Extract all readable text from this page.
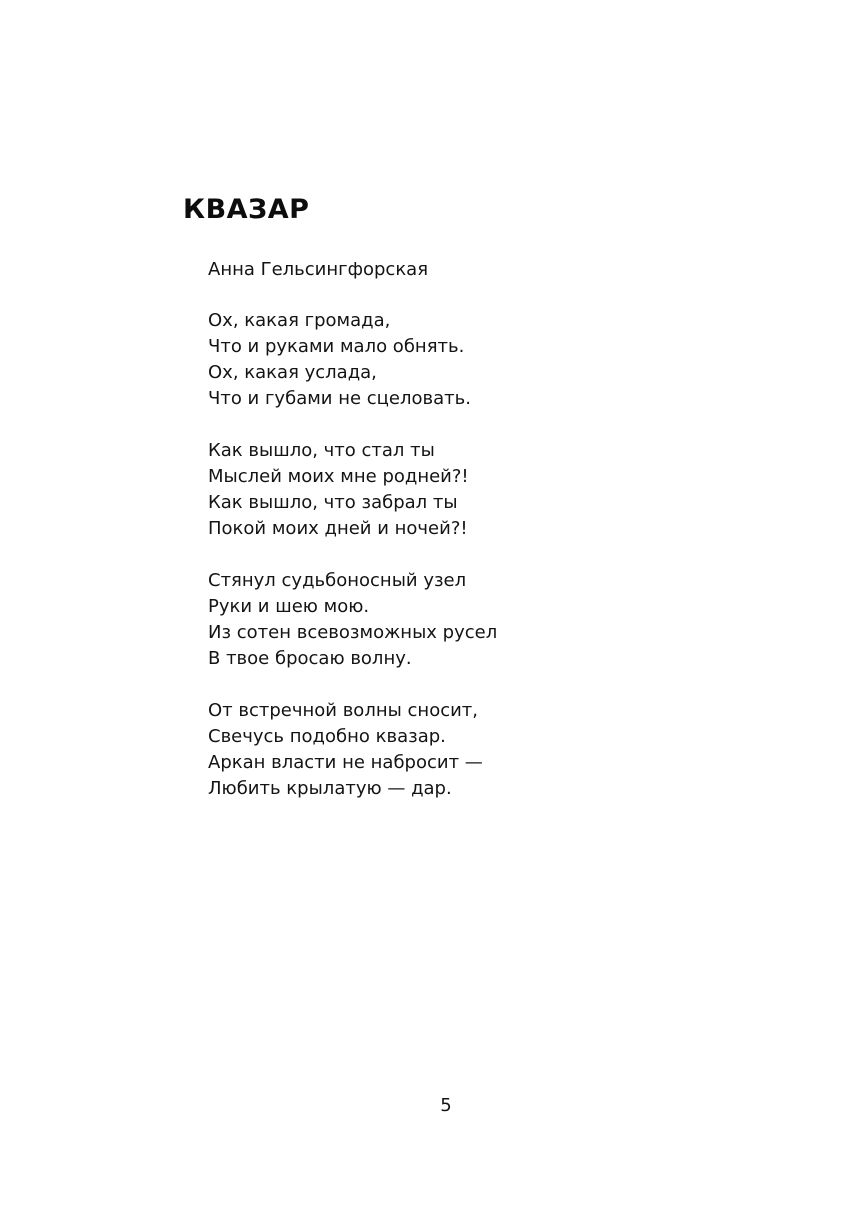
КВАЗАР

Анна Гельсингфорская

Ох, какая громада,
Что и руками мало обнять.
Ох, какая услада,
Что и губами не сцеловать.
Как вышло, что стал ты
Мыслей моих мне родней?!
Как вышло, что забрал ты
Покой моих дней и ночей?!
Стянул судьбоносный узел
Руки и шею мою.
Из сотен всевозможных русел
В твое бросаю волну.
От встречной волны сносит,
Свечусь подобно квазар.
Аркан власти не набросит —
Любить крылатую — дар.
5
